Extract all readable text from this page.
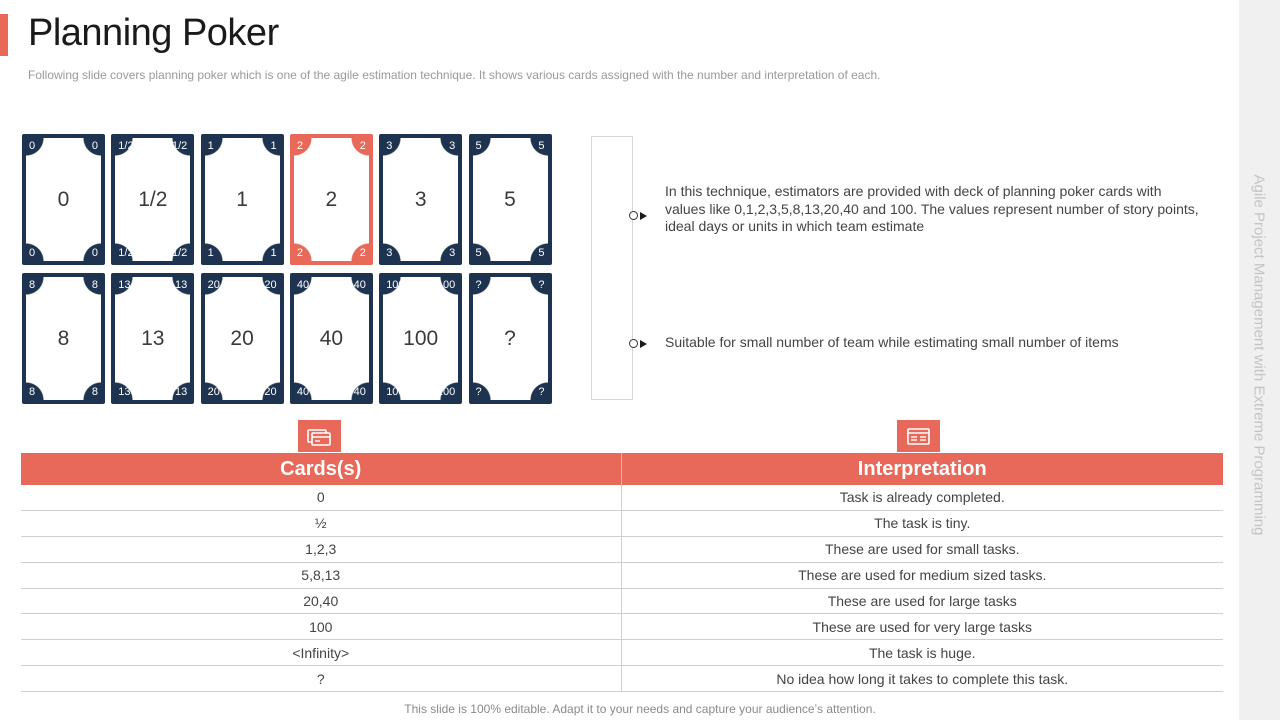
Planning Poker
Following slide covers planning poker which is one of the agile estimation technique. It shows various cards assigned with the number and interpretation of each.
Agile Project Management with Extreme Programming
0
0	0
0	0
1/2
1/2	1/2
1/2	1/2
1
1	1
1	1
2
2	2
2	2
3
3	3
3	3
5
5	5
5	5
8
8	8
8	8
13
13	13
13	13
20
20	20
20	20
40
40	40
40	40
100
100	100
100	100
?
?	?
?	?
In this technique, estimators are provided with deck of planning poker cards with values like 0,1,2,3,5,8,13,20,40 and 100. The values represent number of story points, ideal days or units in which team estimate
Suitable for small number of team while estimating small number of items
Cards(s)	Interpretation
0	Task is already completed.
½	The task is tiny.
1,2,3	These are used for small tasks.
5,8,13	These are used for medium sized tasks.
20,40	These are used for large tasks
100	These are used for very large tasks
<Infinity>	The task is huge.
?	No idea how long it takes to complete this task.
This slide is 100% editable. Adapt it to your needs and capture your audience’s attention.
